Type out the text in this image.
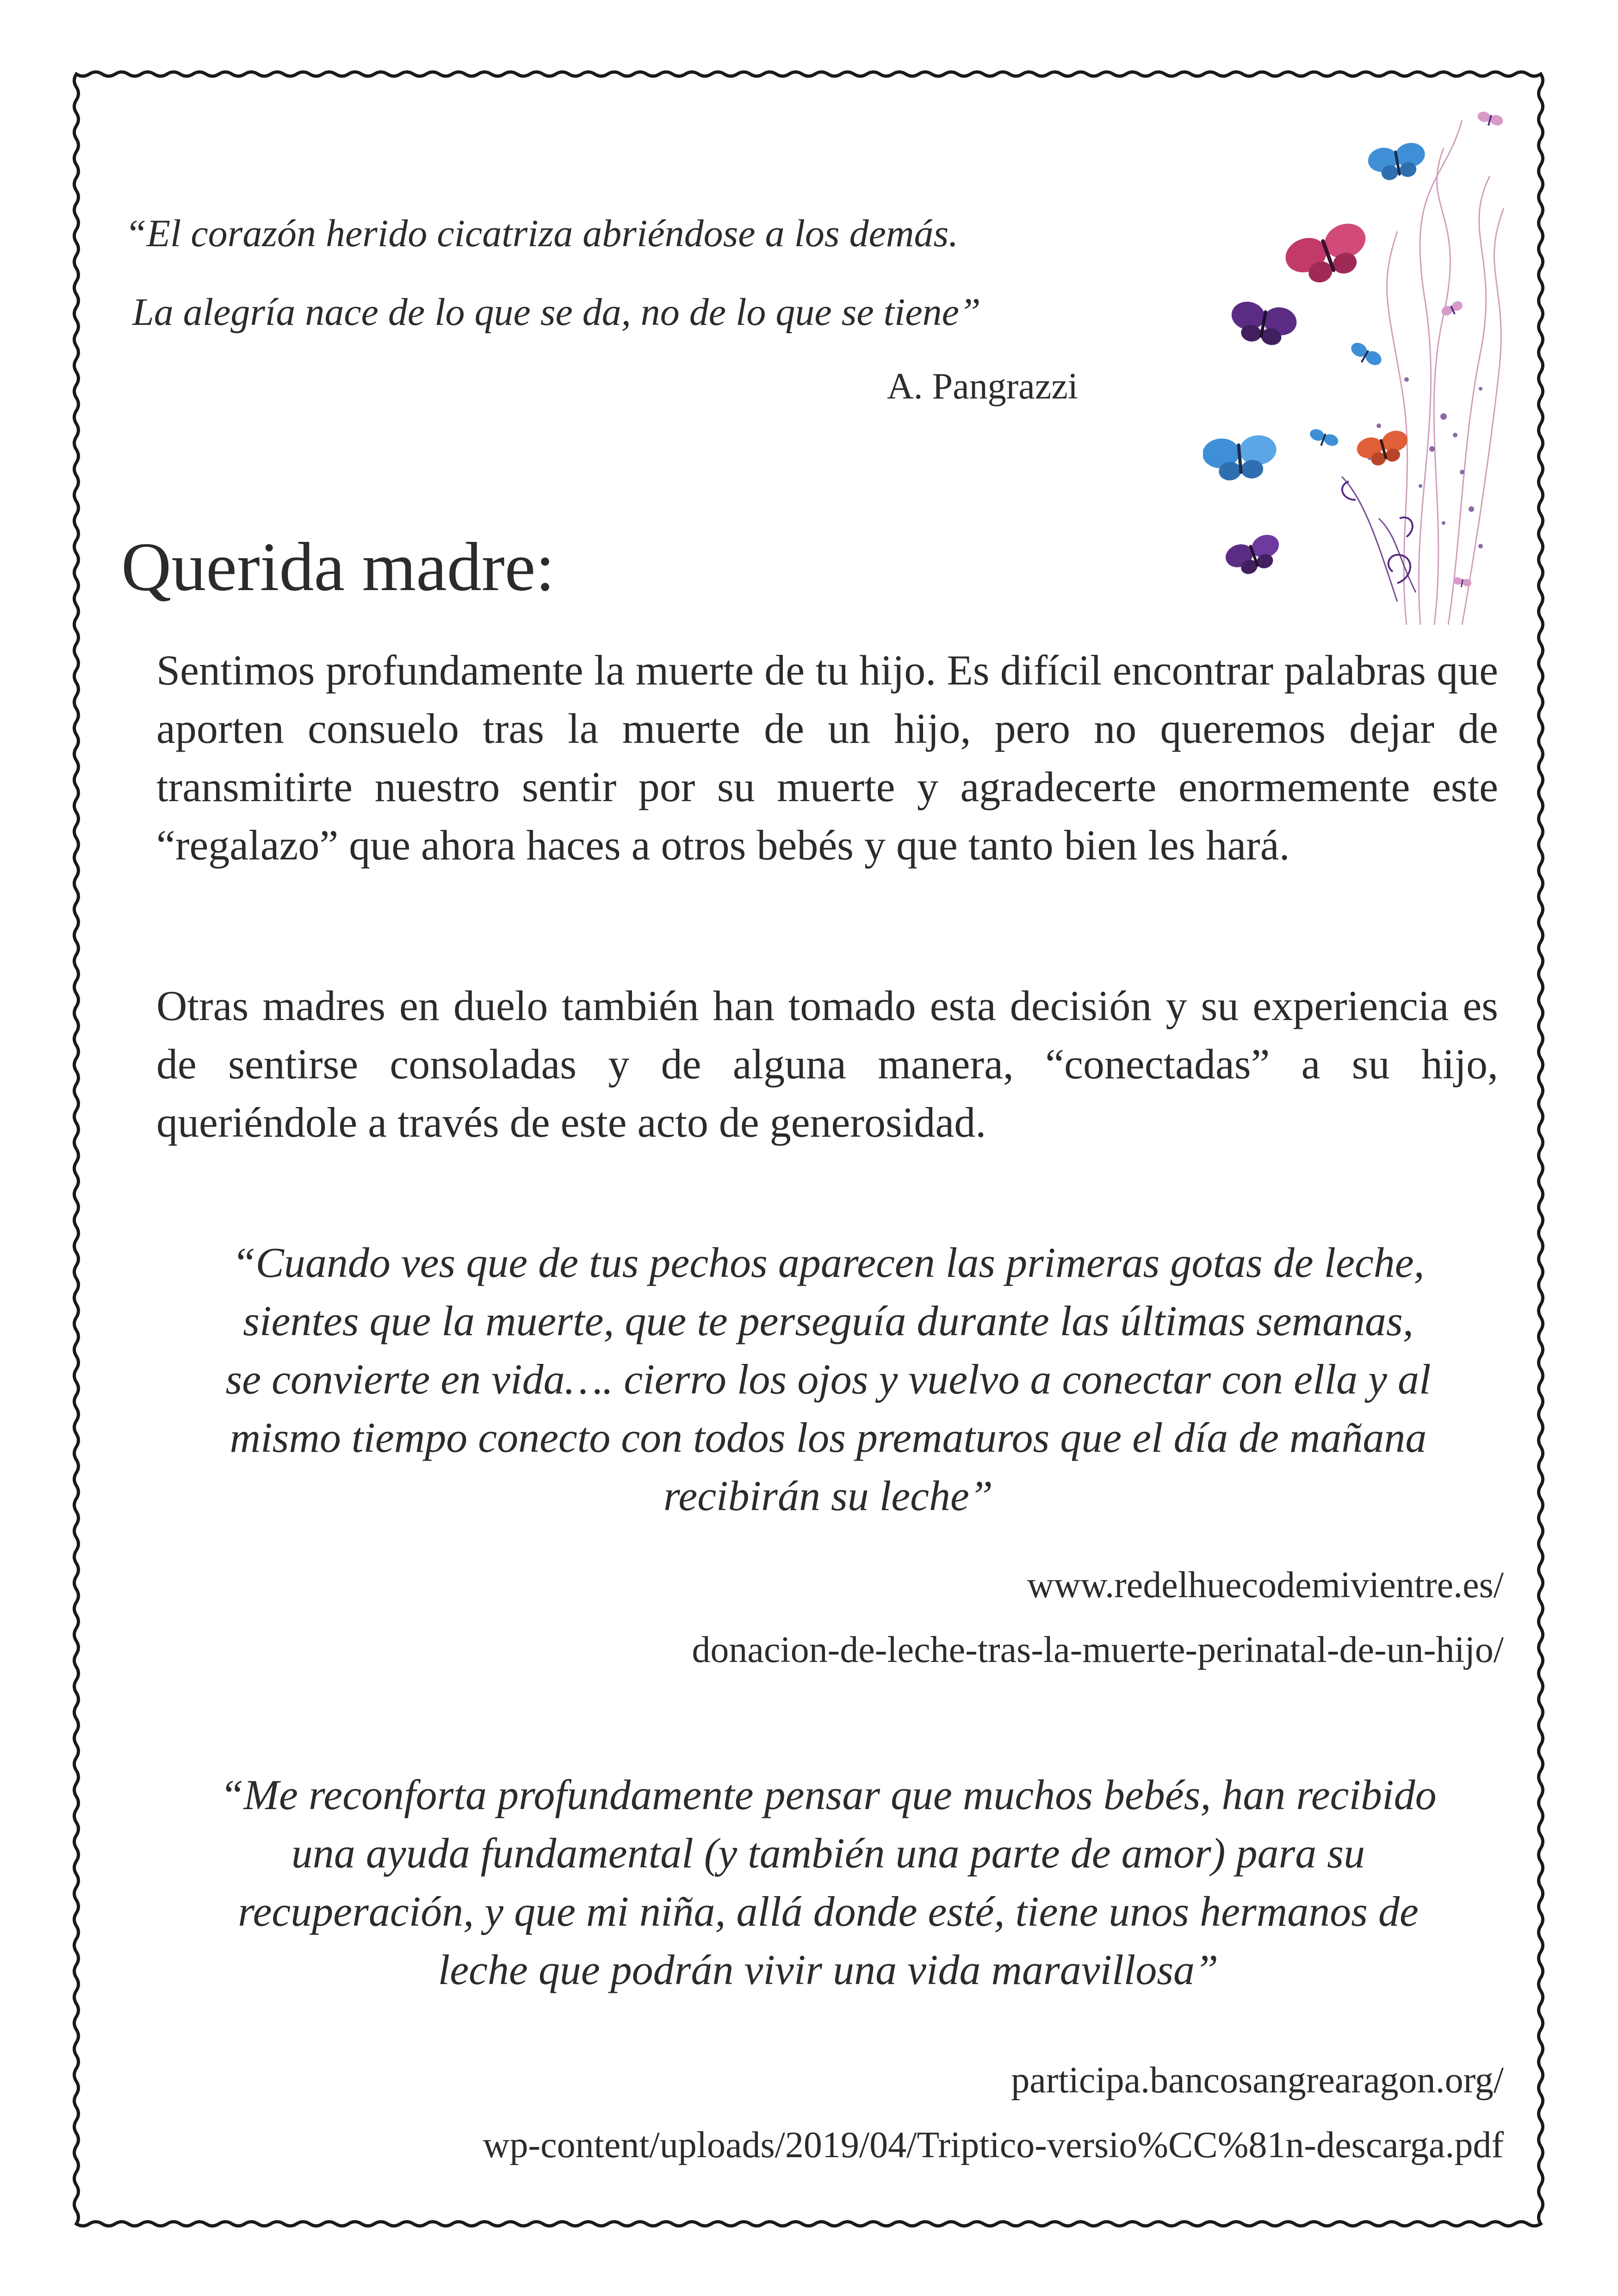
“El corazón herido cicatriza abriéndose a los demás.
La alegría nace de lo que se da, no de lo que se tiene”
A. Pangrazzi
Querida madre:

Sentimos profundamente la muerte de tu hijo. Es difícil encontrar palabras que aporten consuelo tras la muerte de un hijo, pero no queremos dejar de transmitirte nuestro sentir por su muerte y agradecerte enormemente este “regalazo” que ahora haces a otros bebés y que tanto bien les hará.

Otras madres en duelo también han tomado esta decisión y su experiencia es de sentirse consoladas y de alguna manera, “conectadas” a su hijo, queriéndole a través de este acto de generosidad.

“Cuando ves que de tus pechos aparecen las primeras gotas de leche,
sientes que la muerte, que te perseguía durante las últimas semanas,
se convierte en vida…. cierro los ojos y vuelvo a conectar con ella y al
mismo tiempo conecto con todos los prematuros que el día de mañana
recibirán su leche”
www.redelhuecodemivientre.es/
donacion-de-leche-tras-la-muerte-perinatal-de-un-hijo/
“Me reconforta profundamente pensar que muchos bebés, han recibido
una ayuda fundamental (y también una parte de amor) para su
recuperación, y que mi niña, allá donde esté, tiene unos hermanos de
leche que podrán vivir una vida maravillosa”
participa.bancosangrearagon.org/
wp-content/uploads/2019/04/Triptico-versio%CC%81n-descarga.pdf
